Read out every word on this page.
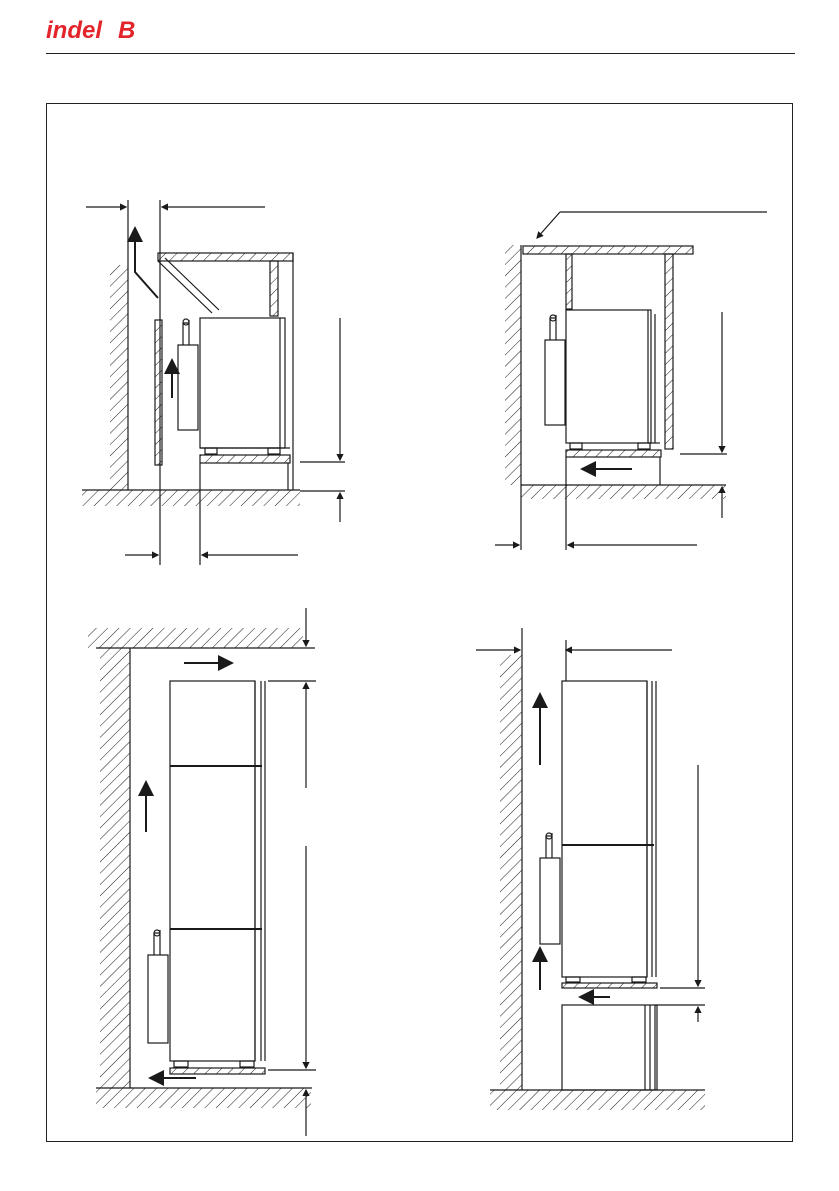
indel B
